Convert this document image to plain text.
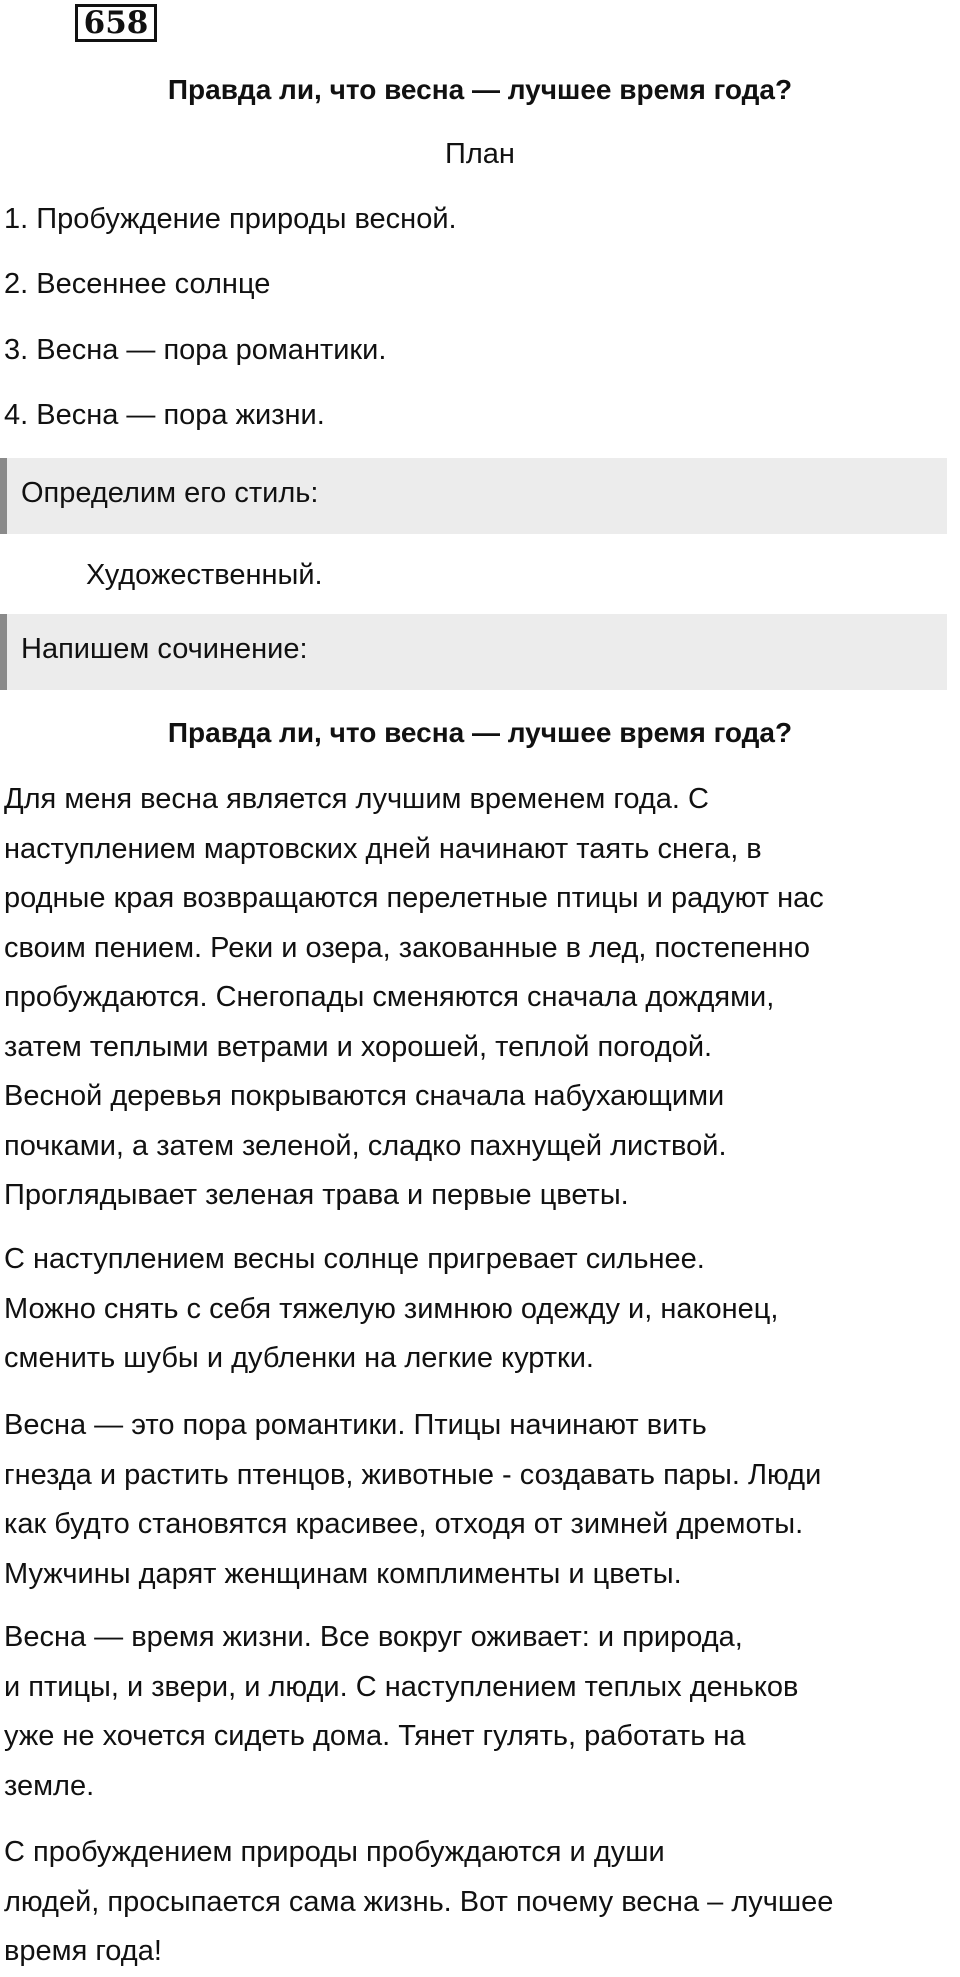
658
Правда ли, что весна — лучшее время года?
План
1. Пробуждение природы весной.
2. Весеннее солнце
3. Весна — пора романтики.
4. Весна — пора жизни.
Определим его стиль:
Художественный.
Напишем сочинение:
Правда ли, что весна — лучшее время года?
Для меня весна является лучшим временем года. С
наступлением мартовских дней начинают таять снега, в
родные края возвращаются перелетные птицы и радуют нас
своим пением. Реки и озера, закованные в лед, постепенно
пробуждаются. Снегопады сменяются сначала дождями,
затем теплыми ветрами и хорошей, теплой погодой.
Весной деревья покрываются сначала набухающими
почками, а затем зеленой, сладко пахнущей листвой.
Проглядывает зеленая трава и первые цветы.
С наступлением весны солнце пригревает сильнее.
Можно снять с себя тяжелую зимнюю одежду и, наконец,
сменить шубы и дубленки на легкие куртки.
Весна — это пора романтики. Птицы начинают вить
гнезда и растить птенцов, животные - создавать пары. Люди
как будто становятся красивее, отходя от зимней дремоты.
Мужчины дарят женщинам комплименты и цветы.
Весна — время жизни. Все вокруг оживает: и природа,
и птицы, и звери, и люди. С наступлением теплых деньков
уже не хочется сидеть дома. Тянет гулять, работать на
земле.
С пробуждением природы пробуждаются и души
людей, просыпается сама жизнь. Вот почему весна – лучшее
время года!
